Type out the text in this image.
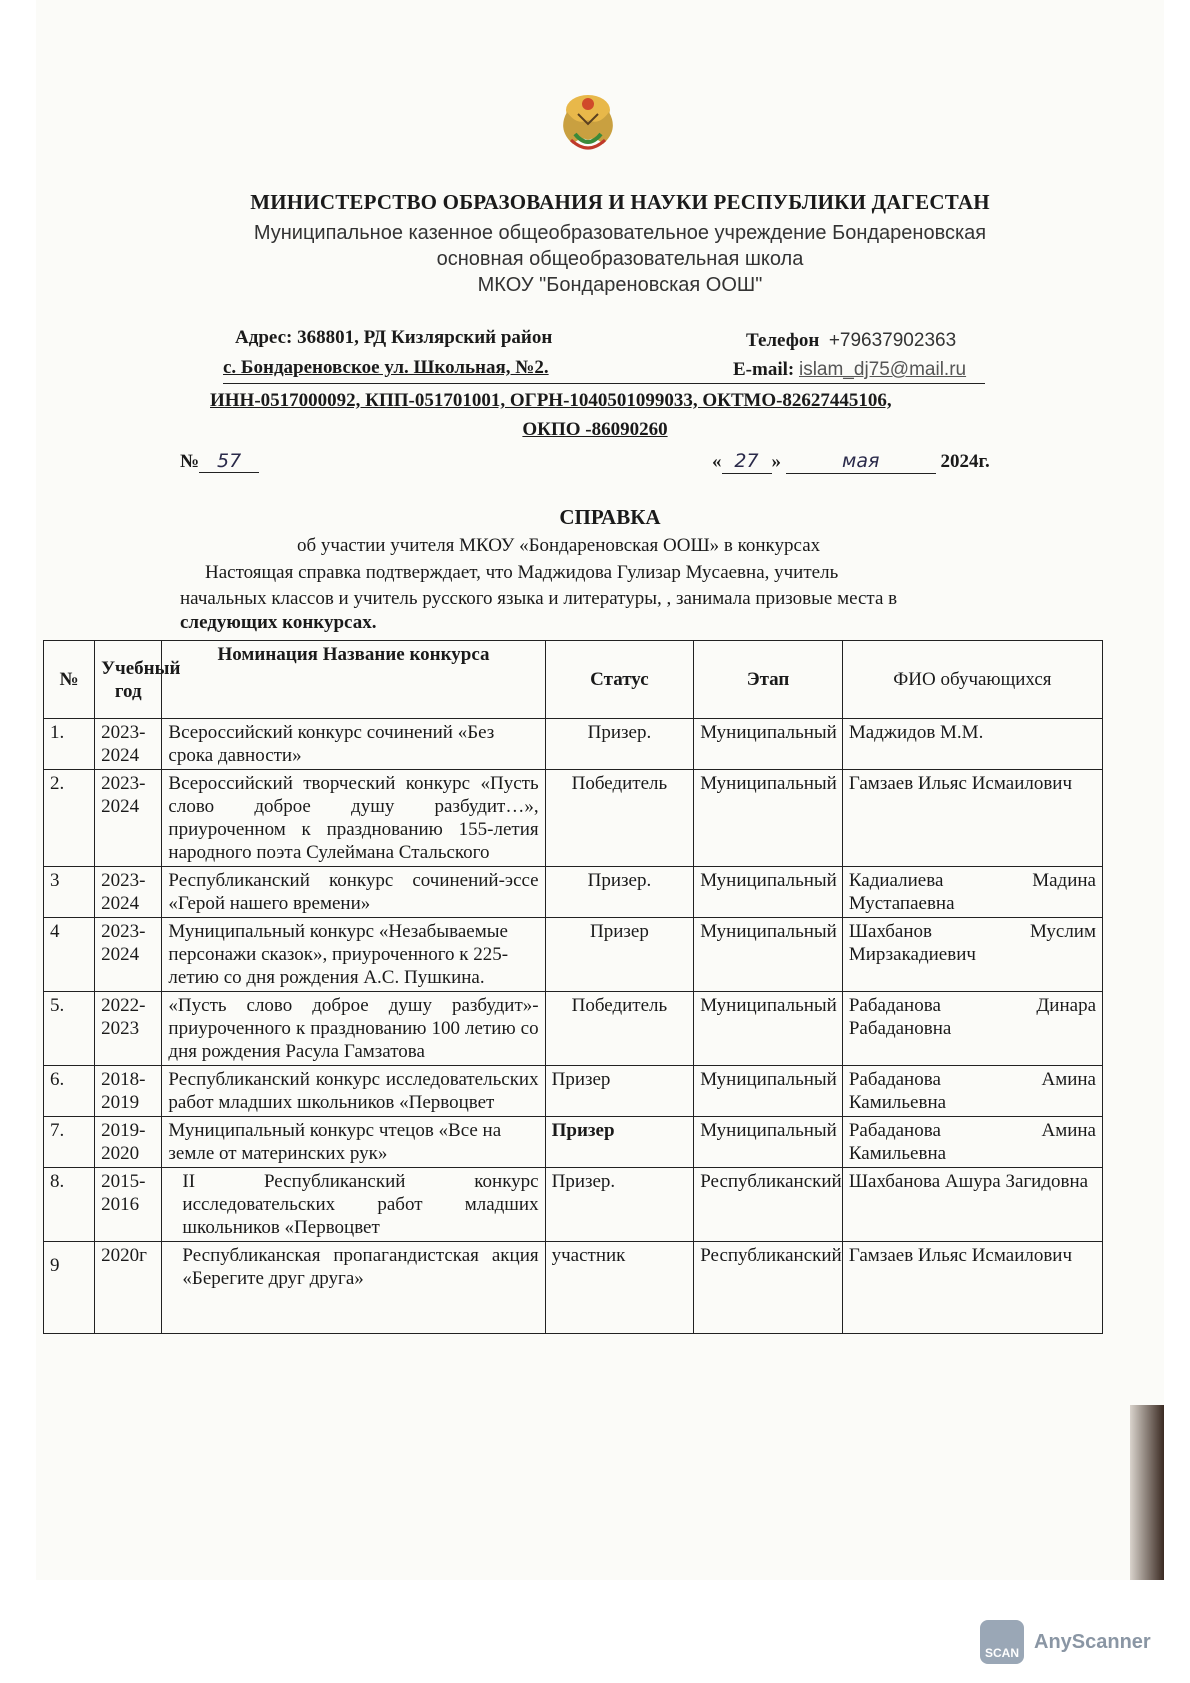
МИНИСТЕРСТВО ОБРАЗОВАНИЯ И НАУКИ РЕСПУБЛИКИ ДАГЕСТАН
Муниципальное казенное общеобразовательное учреждение Бондареновская
основная общеобразовательная школа
МКОУ "Бондареновская ООШ"
Адрес: 368801, РД Кизлярский район
с. Бондареновское ул. Школьная, №2.
Телефон +79637902363
E-mail: islam_dj75@mail.ru
ИНН-0517000092, КПП-051701001, ОГРН-1040501099033, ОКТМО-82627445106,
ОКПО -86090260
№ 57	« 27 »	мая	2024г.
СПРАВКА
об участии учителя МКОУ «Бондареновская ООШ» в конкурсах
Настоящая справка подтверждает, что Маджидова Гулизар Мусаевна, учитель
начальных классов и учитель русского языка и литературы, , занимала призовые места в
следующих конкурсах.
№	Учебный год	Номинация Название конкурса	Статус	Этап	ФИО обучающихся
1.	2023-2024	Всероссийский конкурс сочинений «Без срока давности»	Призер.	Муниципальный	Маджидов М.М.
2.	2023-2024	Всероссийский творческий конкурс «Пусть слово доброе душу разбудит…», приуроченном к празднованию 155-летия народного поэта Сулеймана Стальского	Победитель	Муниципальный	Гамзаев Ильяс Исмаилович
3	2023-2024	Республиканский конкурс сочинений-эссе «Герой нашего времени»	Призер.	Муниципальный	Кадиалиева Мадина Мустапаевна
4	2023-2024	Муниципальный конкурс «Незабываемые персонажи сказок», приуроченного к 225-летию со дня рождения А.С. Пушкина.	Призер	Муниципальный	Шахбанов Муслим Мирзакадиевич
5.	2022-2023	«Пусть слово доброе душу разбудит»- приуроченного к празднованию 100 летию со дня рождения Расула Гамзатова	Победитель	Муниципальный	Рабаданова Динара Рабадановна
6.	2018-2019	Республиканский конкурс исследовательских работ младших школьников «Первоцвет	Призер	Муниципальный	Рабаданова Амина Камильевна
7.	2019-2020	Муниципальный конкурс чтецов «Все на земле от материнских рук»	Призер	Муниципальный	Рабаданова Амина Камильевна
8.	2015-2016	II Республиканский конкурс исследовательских работ младших школьников «Первоцвет	Призер.	Республиканский	Шахбанова Ашура Загидовна
9	2020г	Республиканская пропагандистская акция «Берегите друг друга»	участник	Республиканский	Гамзаев Ильяс Исмаилович
SCAN
AnyScanner
